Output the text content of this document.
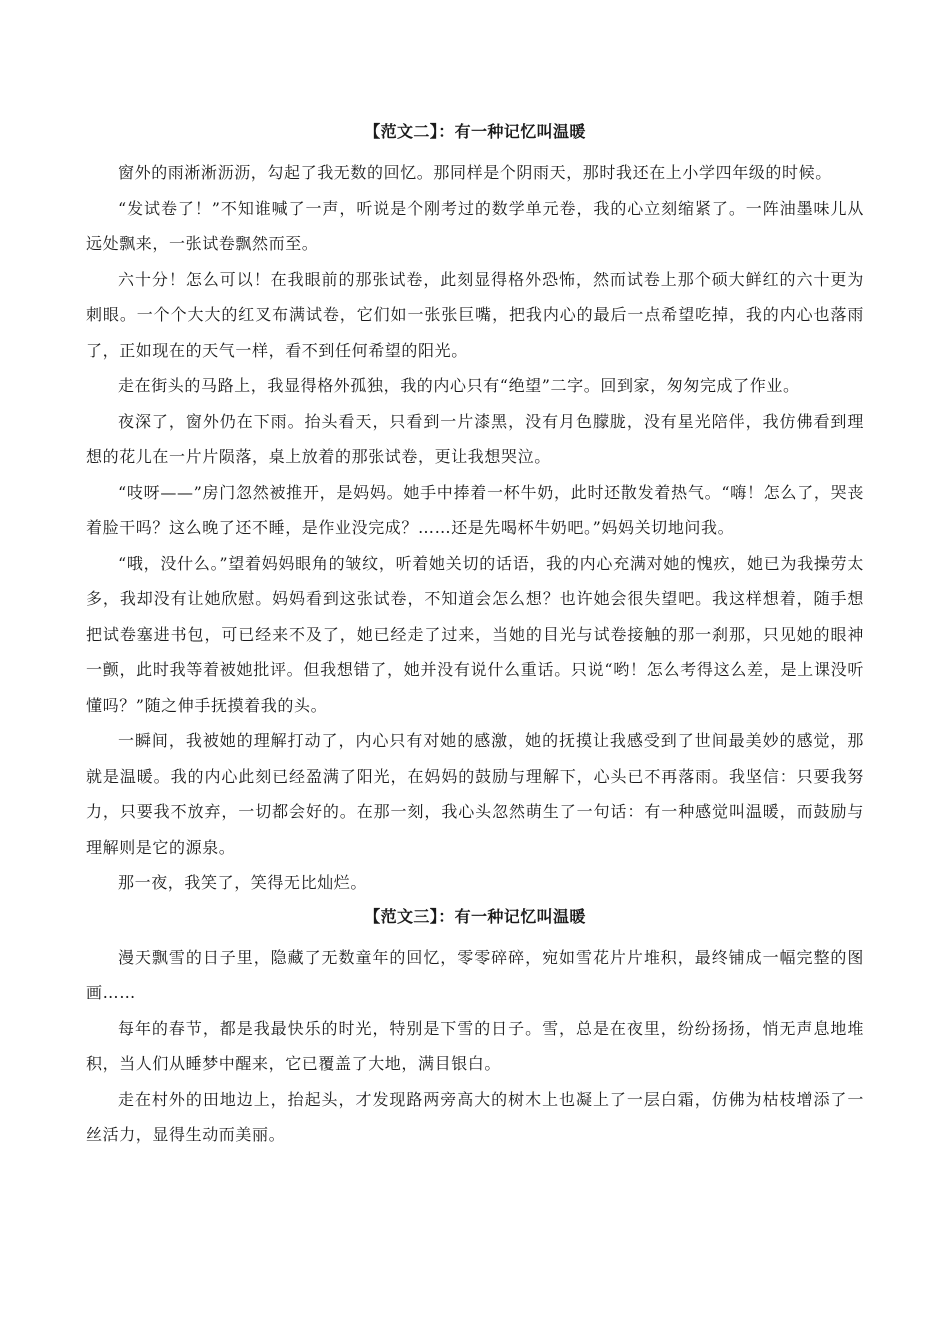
【范文二】：有一种记忆叫温暖

窗外的雨淅淅沥沥，勾起了我无数的回忆。那同样是个阴雨天，那时我还在上小学四年级的时候。

“发试卷了！”不知谁喊了一声，听说是个刚考过的数学单元卷，我的心立刻缩紧了。一阵油墨味儿从远处飘来，一张试卷飘然而至。

六十分！怎么可以！在我眼前的那张试卷，此刻显得格外恐怖，然而试卷上那个硕大鲜红的六十更为刺眼。一个个大大的红叉布满试卷，它们如一张张巨嘴，把我内心的最后一点希望吃掉，我的内心也落雨了，正如现在的天气一样，看不到任何希望的阳光。

走在街头的马路上，我显得格外孤独，我的内心只有“绝望”二字。回到家，匆匆完成了作业。

夜深了，窗外仍在下雨。抬头看天，只看到一片漆黑，没有月色朦胧，没有星光陪伴，我仿佛看到理想的花儿在一片片陨落，桌上放着的那张试卷，更让我想哭泣。

“吱呀——”房门忽然被推开，是妈妈。她手中捧着一杯牛奶，此时还散发着热气。“嗨！怎么了，哭丧着脸干吗？这么晚了还不睡，是作业没完成？……还是先喝杯牛奶吧。”妈妈关切地问我。

“哦，没什么。”望着妈妈眼角的皱纹，听着她关切的话语，我的内心充满对她的愧疚，她已为我操劳太多，我却没有让她欣慰。妈妈看到这张试卷，不知道会怎么想？也许她会很失望吧。我这样想着，随手想把试卷塞进书包，可已经来不及了，她已经走了过来，当她的目光与试卷接触的那一刹那，只见她的眼神一颤，此时我等着被她批评。但我想错了，她并没有说什么重话。只说“哟！怎么考得这么差，是上课没听懂吗？”随之伸手抚摸着我的头。

一瞬间，我被她的理解打动了，内心只有对她的感激，她的抚摸让我感受到了世间最美妙的感觉，那就是温暖。我的内心此刻已经盈满了阳光，在妈妈的鼓励与理解下，心头已不再落雨。我坚信：只要我努力，只要我不放弃，一切都会好的。在那一刻，我心头忽然萌生了一句话：有一种感觉叫温暖，而鼓励与理解则是它的源泉。

那一夜，我笑了，笑得无比灿烂。

【范文三】：有一种记忆叫温暖

漫天飘雪的日子里，隐藏了无数童年的回忆，零零碎碎，宛如雪花片片堆积，最终铺成一幅完整的图画……

每年的春节，都是我最快乐的时光，特别是下雪的日子。雪，总是在夜里，纷纷扬扬，悄无声息地堆积，当人们从睡梦中醒来，它已覆盖了大地，满目银白。

走在村外的田地边上，抬起头，才发现路两旁高大的树木上也凝上了一层白霜，仿佛为枯枝增添了一丝活力，显得生动而美丽。
